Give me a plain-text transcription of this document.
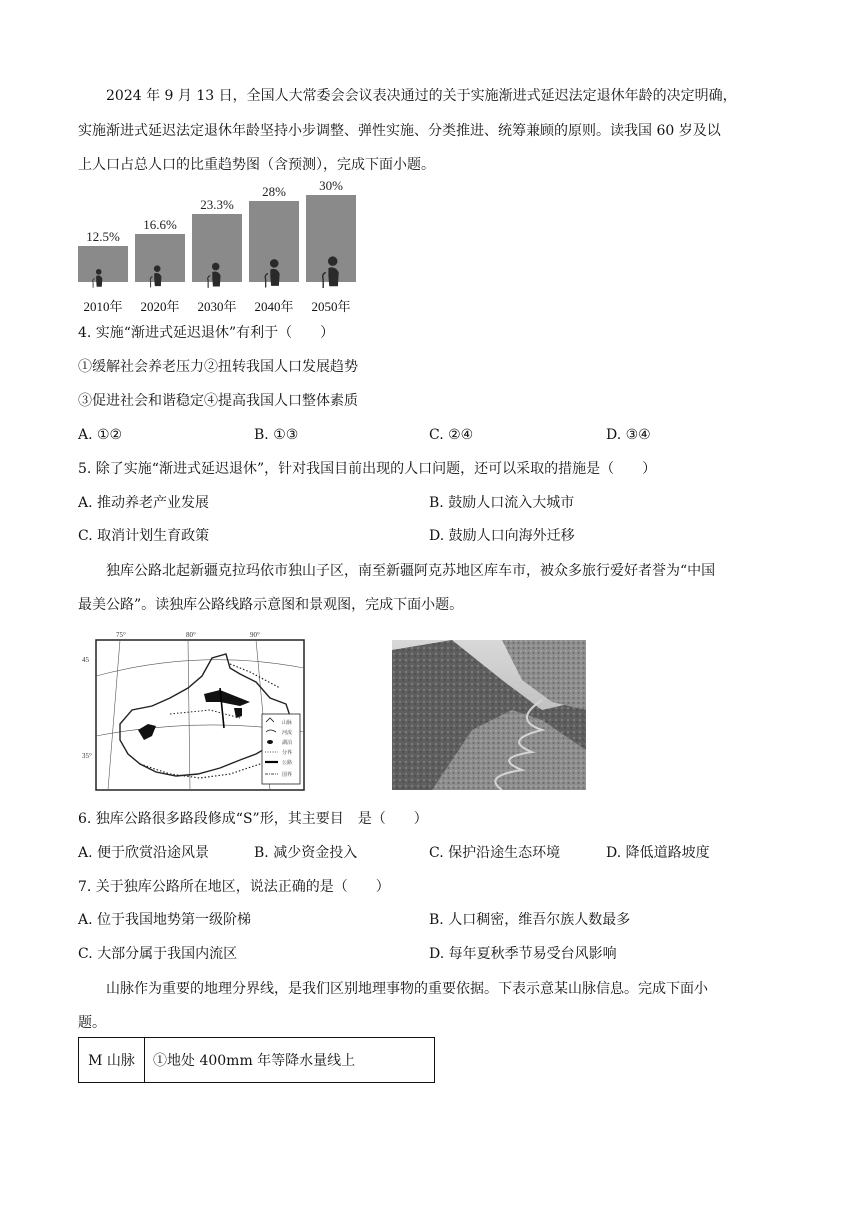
2024 年 9 月 13 日，全国人大常委会会议表决通过的关于实施渐进式延迟法定退休年龄的决定明确，
实施渐进式延迟法定退休年龄坚持小步调整、弹性实施、分类推进、统筹兼顾的原则。读我国 60 岁及以
上人口占总人口的比重趋势图（含预测），完成下面小题。
12.5%
2010年
16.6%
2020年
23.3%
2030年
28%
2040年
30%
2050年
4. 实施“渐进式延迟退休”有利于（　　）
①缓解社会养老压力②扭转我国人口发展趋势
③促进社会和谐稳定④提高我国人口整体素质
A. ①②	B. ①③	C. ②④	D. ③④
5. 除了实施“渐进式延迟退休”，针对我国目前出现的人口问题，还可以采取的措施是（　　）
A. 推动养老产业发展	B. 鼓励人口流入大城市
C. 取消计划生育政策	D. 鼓励人口向海外迁移
独库公路北起新疆克拉玛依市独山子区，南至新疆阿克苏地区库车市，被众多旅行爱好者誉为“中国
最美公路”。读独库公路线路示意图和景观图，完成下面小题。
75°	80°	90°
45
35°
山脉
河流
湖泊
分界
公路
国界
6. 独库公路很多路段修成“S”形，其主要目　是（　　）
A. 便于欣赏沿途风景	B. 减少资金投入	C. 保护沿途生态环境	D. 降低道路坡度
7. 关于独库公路所在地区，说法正确的是（　　）
A. 位于我国地势第一级阶梯	B. 人口稠密，维吾尔族人数最多
C. 大部分属于我国内流区	D. 每年夏秋季节易受台风影响
山脉作为重要的地理分界线，是我们区别地理事物的重要依据。下表示意某山脉信息。完成下面小
题。
M 山脉	①地处 400mm 年等降水量线上
